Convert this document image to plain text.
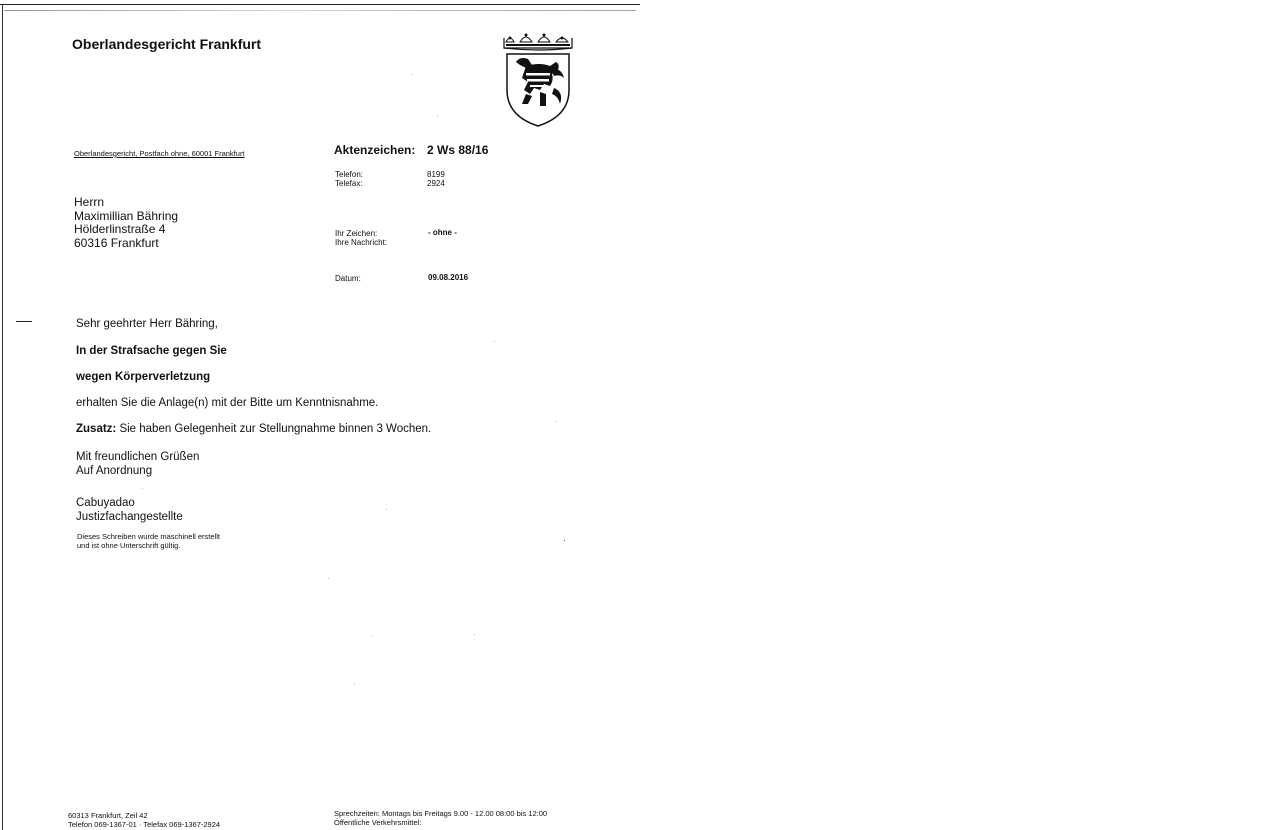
Oberlandesgericht Frankfurt
Oberlandesgericht, Postfach ohne, 60001 Frankfurt	Aktenzeichen: 2 Ws 88/16
Telefon:
Telefax:
8199
2924
Ihr Zeichen:
Ihre Nachricht:
- ohne -
Datum:	09.08.2016
Herrn
Maximillian Bähring
Hölderlinstraße 4
60316 Frankfurt
Sehr geehrter Herr Bähring,
In der Strafsache gegen Sie
wegen Körperverletzung
erhalten Sie die Anlage(n) mit der Bitte um Kenntnisnahme.
Zusatz: Sie haben Gelegenheit zur Stellungnahme binnen 3 Wochen.
Mit freundlichen Grüßen
Auf Anordnung
Cabuyadao
Justizfachangestellte
Dieses Schreiben wurde maschinell erstellt
und ist ohne Unterschrift gültig.
60313 Frankfurt, Zeil 42
Telefon 069-1367-01 · Telefax 069-1367-2924
Sprechzeiten: Montags bis Freitags 9.00 - 12.00 08:00 bis 12:00
Öffentliche Verkehrsmittel:
